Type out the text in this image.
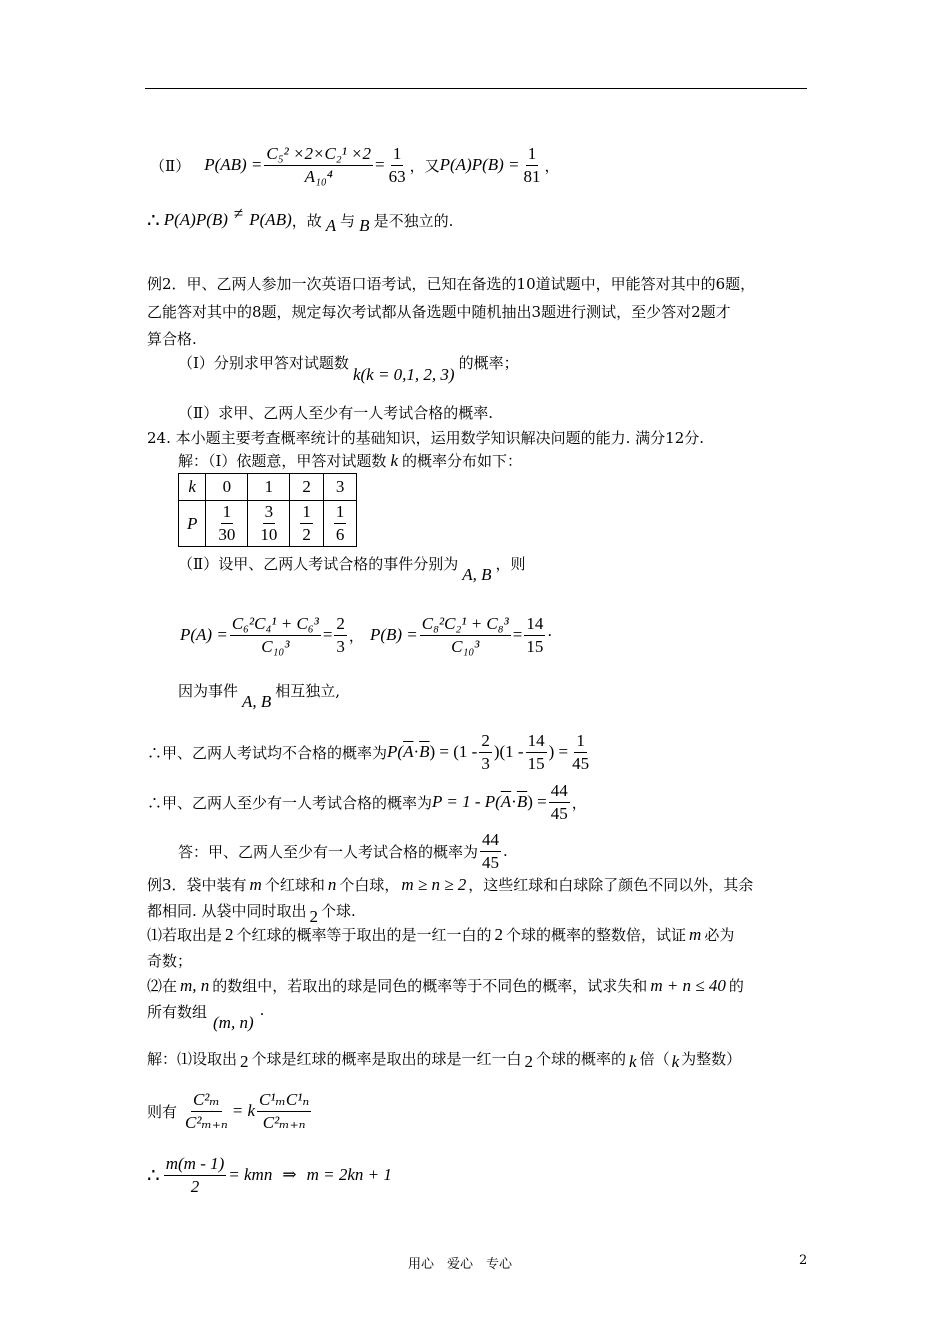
（Ⅱ） $P(AB) = \frac{\text{C₅² ×2×C₂¹ ×2}}{\text{A₁₀⁴}} = \frac{1}{63}$ ，又 $P(A)P(B) = \frac{1}{81}$ ，
∴ P(A)P(B) ≠ P(AB) ，故 A 与 B 是不独立的.
例2．甲、乙两人参加一次英语口语考试，已知在备选的10道试题中，甲能答对其中的6题，
乙能答对其中的8题，规定每次考试都从备选题中随机抽出3题进行测试，至少答对2题才
算合格.
（Ⅰ）分别求甲答对试题数
k(k = 0,1, 2, 3)
的概率；
（Ⅱ）求甲、乙两人至少有一人考试合格的概率.
24. 本小题主要考查概率统计的基础知识，运用数学知识解决问题的能力. 满分12分.
解：（Ⅰ）依题意，甲答对试题数 k 的概率分布如下：
k	0	1	2	3
P	$\frac{1}{30}$	$\frac{3}{10}$	$\frac{1}{2}$	$\frac{1}{6}$
（Ⅱ）设甲、乙两人考试合格的事件分别为
A, B
，则
$P(A) = \frac{\text{C₆²C₄¹ + C₆³}}{\text{C₁₀³}} = \frac{2}{3}$ ， $P(B) = \frac{\text{C₈²C₂¹ + C₈³}}{\text{C₁₀³}} = \frac{14}{15}$ ·
因为事件
A, B
相互独立,
∴甲、乙两人考试均不合格的概率为 P( $\overline{A} \cdot \overline{B}$ ) = $(1 - \frac{2}{3} )(1 - \frac{14}{15}$ ) = $\frac{1}{45}$
∴甲、乙两人至少有一人考试合格的概率为 P = 1 - P( $\overline{A} \cdot \overline{B}$ ) = $\frac{44}{45}$ ，
答：甲、乙两人至少有一人考试合格的概率为 $\frac{44}{45}$ .
例3．袋中装有 m 个红球和 n 个白球， m ≥ n ≥ 2 ，这些红球和白球除了颜色不同以外，其余
都相同. 从袋中同时取出 2 个球.
⑴若取出是 2 个红球的概率等于取出的是一红一白的 2 个球的概率的整数倍，试证 m 必为
奇数；
⑵在 m, n 的数组中，若取出的球是同色的概率等于不同色的概率，试求失和 m + n ≤ 40 的
所有数组
(m, n)
.
解：⑴设取出 2 个球是红球的概率是取出的球是一红一白 2 个球的概率的 k 倍（ k 为整数）
则有 $\frac{\text{C²ₘ}}{\text{C²ₘ₊ₙ}} = k \frac{\text{C¹ₘC¹ₙ}}{\text{C²ₘ₊ₙ}}$
∴ $\frac{m(m - 1)}{2}$ = kmn ⇒ m = 2kn + 1
用心　爱心　专心	2
